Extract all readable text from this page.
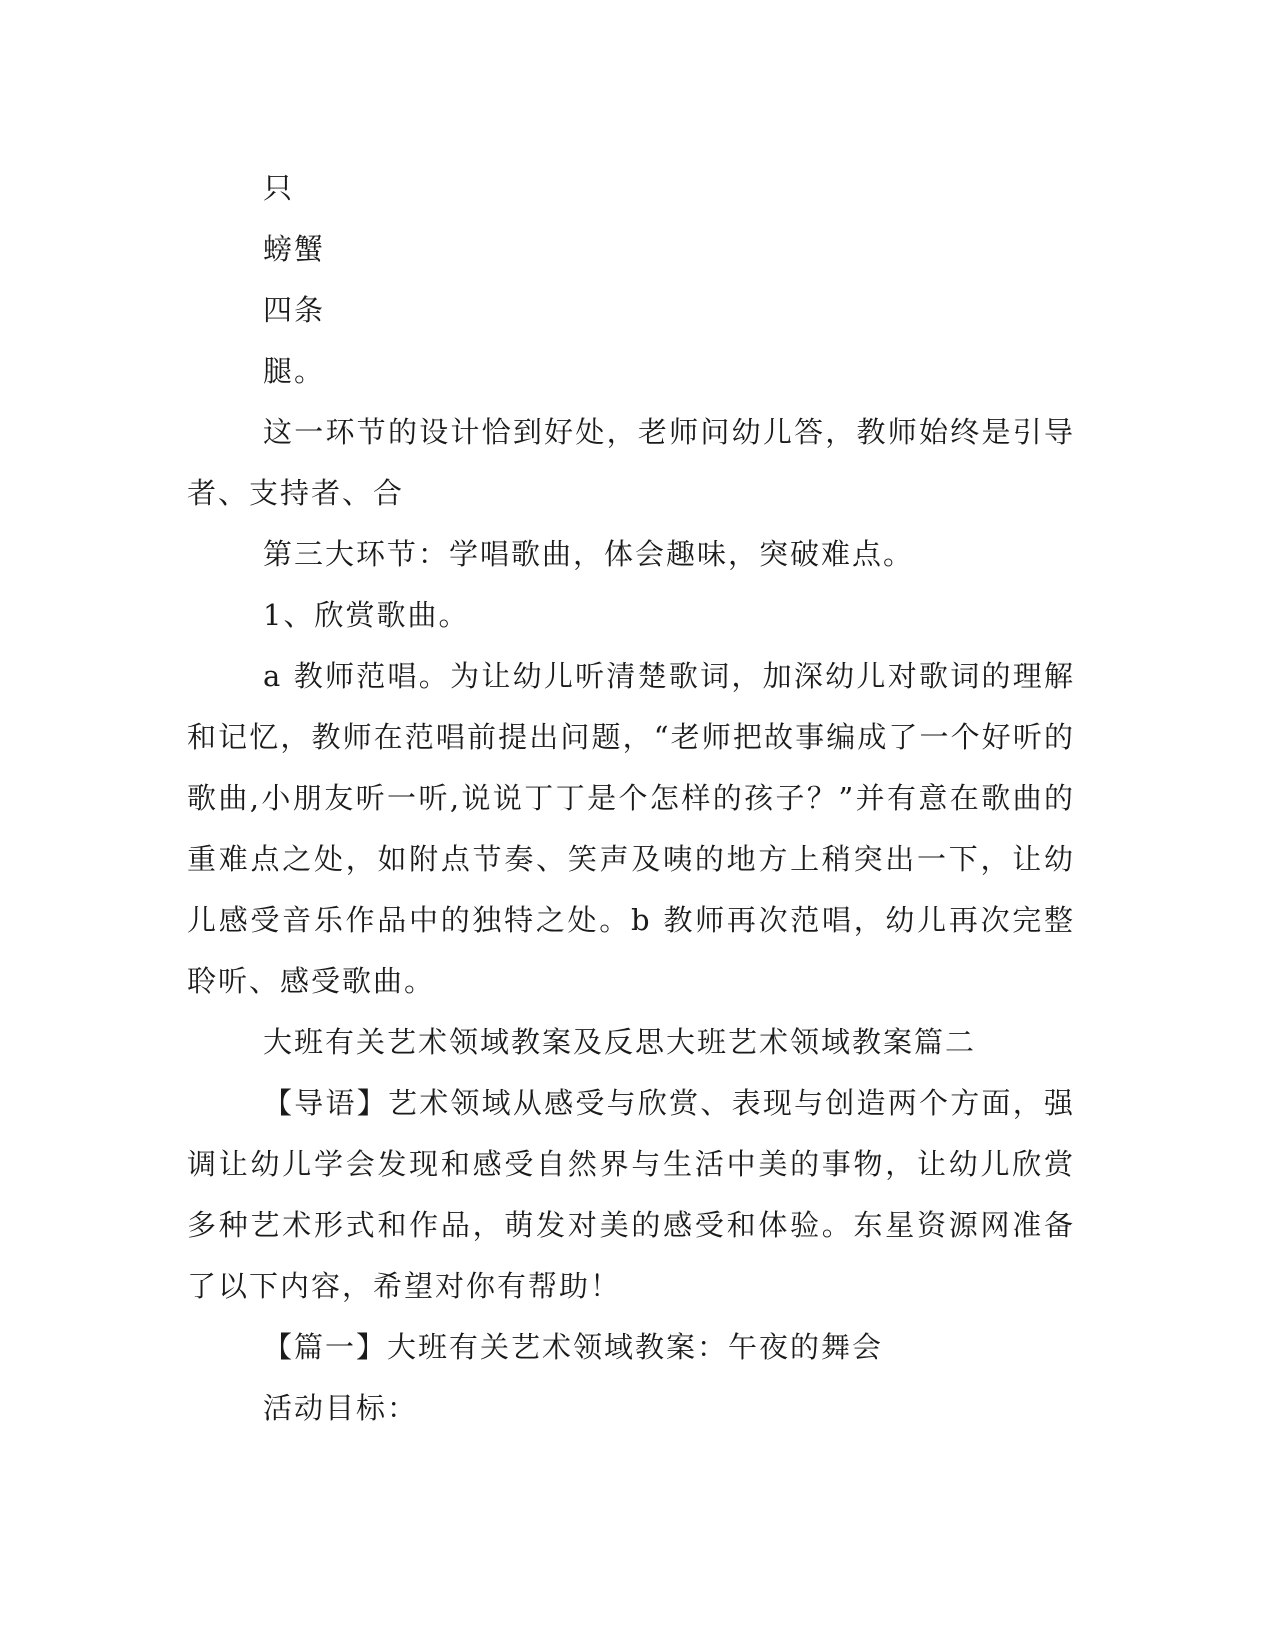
只

螃蟹

四条

腿。

这一环节的设计恰到好处，老师问幼儿答，教师始终是引导者、支持者、合

第三大环节：学唱歌曲，体会趣味，突破难点。

1、欣赏歌曲。

a 教师范唱。为让幼儿听清楚歌词，加深幼儿对歌词的理解和记忆，教师在范唱前提出问题，“老师把故事编成了一个好听的歌曲,小朋友听一听,说说丁丁是个怎样的孩子？”并有意在歌曲的重难点之处，如附点节奏、笑声及咦的地方上稍突出一下，让幼儿感受音乐作品中的独特之处。b 教师再次范唱，幼儿再次完整聆听、感受歌曲。

大班有关艺术领域教案及反思大班艺术领域教案篇二

【导语】艺术领域从感受与欣赏、表现与创造两个方面，强调让幼儿学会发现和感受自然界与生活中美的事物，让幼儿欣赏多种艺术形式和作品，萌发对美的感受和体验。东星资源网准备了以下内容，希望对你有帮助！

【篇一】大班有关艺术领域教案：午夜的舞会

活动目标：
